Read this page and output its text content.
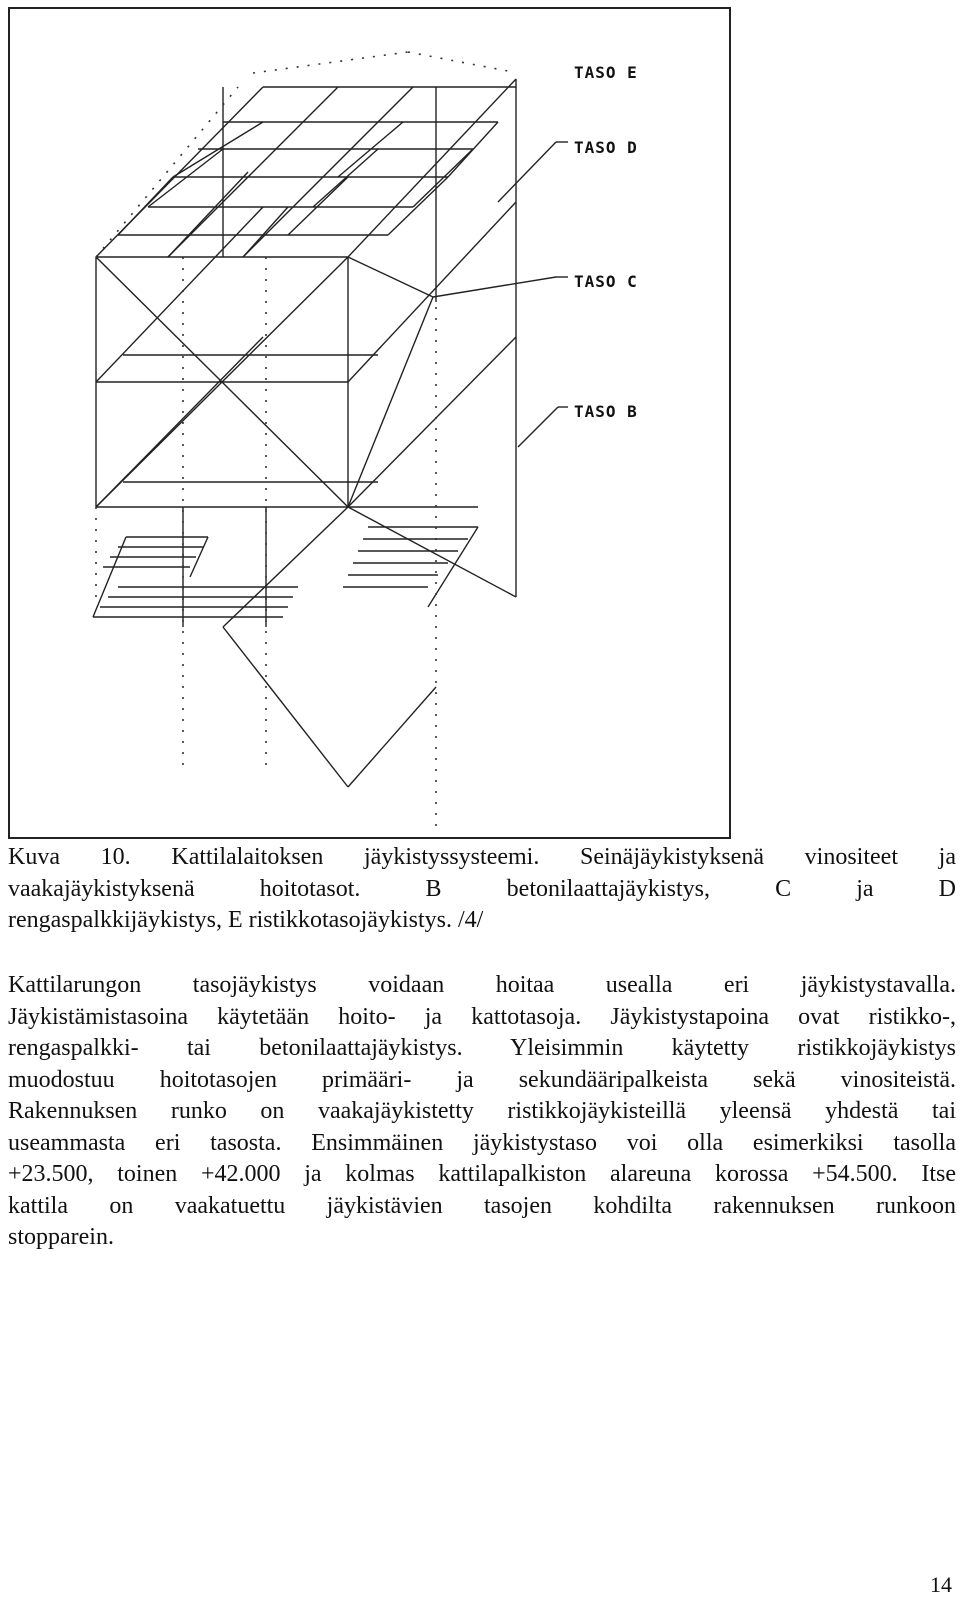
TASO E
TASO D
TASO C
TASO B
Kuva 10. Kattilalaitoksen jäykistyssysteemi. Seinäjäykistyksenä vinositeet ja
vaakajäykistyksenä hoitotasot. B betonilaattajäykistys, C ja D
rengaspalkkijäykistys, E ristikkotasojäykistys. /4/
Kattilarungon tasojäykistys voidaan hoitaa usealla eri jäykistystavalla.
Jäykistämistasoina käytetään hoito- ja kattotasoja. Jäykistystapoina ovat ristikko-,
rengaspalkki- tai betonilaattajäykistys. Yleisimmin käytetty ristikkojäykistys
muodostuu hoitotasojen primääri- ja sekundääripalkeista sekä vinositeistä.
Rakennuksen runko on vaakajäykistetty ristikkojäykisteillä yleensä yhdestä tai
useammasta eri tasosta. Ensimmäinen jäykistystaso voi olla esimerkiksi tasolla
+23.500, toinen +42.000 ja kolmas kattilapalkiston alareuna korossa +54.500. Itse
kattila on vaakatuettu jäykistävien tasojen kohdilta rakennuksen runkoon
stopparein.
14
